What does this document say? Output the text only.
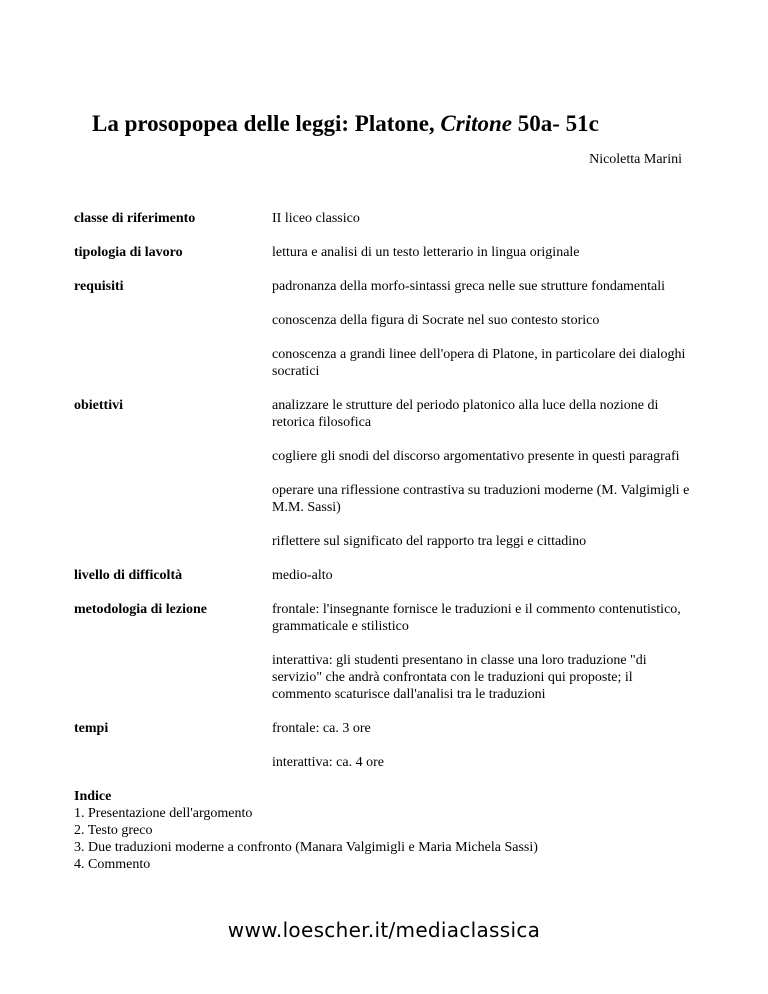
La prosopopea delle leggi: Platone, Critone 50a- 51c
Nicoletta Marini
classe di riferimento	II liceo classico

tipologia di lavoro	lettura e analisi di un testo letterario in lingua originale

requisiti	padronanza della morfo-sintassi greca nelle sue strutture fondamentali

conoscenza della figura di Socrate nel suo contesto storico

conoscenza a grandi linee dell'opera di Platone, in particolare dei dialoghi socratici

obiettivi	analizzare le strutture del periodo platonico alla luce della nozione di retorica filosofica

cogliere gli snodi del discorso argomentativo presente in questi paragrafi

operare una riflessione contrastiva su traduzioni moderne (M. Valgimigli e M.M. Sassi)

riflettere sul significato del rapporto tra leggi e cittadino

livello di difficoltà	medio-alto

metodologia di lezione	frontale: l'insegnante fornisce le traduzioni e il commento contenutistico, grammaticale e stilistico

interattiva: gli studenti presentano in classe una loro traduzione "di servizio" che andrà confrontata con le traduzioni qui proposte; il commento scaturisce dall'analisi tra le traduzioni

tempi	frontale: ca. 3 ore

interattiva: ca. 4 ore

Indice
1. Presentazione dell'argomento
2. Testo greco
3. Due traduzioni moderne a confronto (Manara Valgimigli e Maria Michela Sassi)
4. Commento
www.loescher.it/mediaclassica
